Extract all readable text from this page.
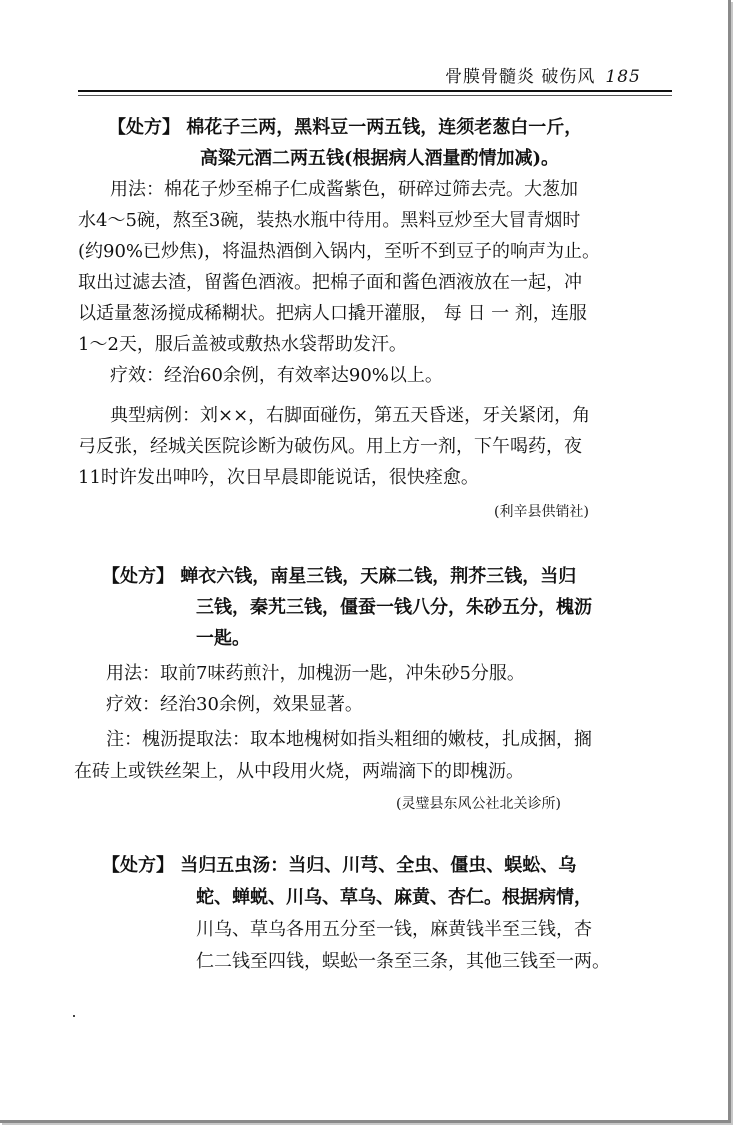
骨膜骨髓炎 破伤风 185
【处方】 棉花子三两，黑料豆一两五钱，连须老葱白一斤，
高粱元酒二两五钱(根据病人酒量酌情加减)。
用法：棉花子炒至棉子仁成酱紫色，研碎过筛去壳。大葱加
水4～5碗，熬至3碗，装热水瓶中待用。黑料豆炒至大冒青烟时
(约90%已炒焦)，将温热酒倒入锅内，至听不到豆子的响声为止。
取出过滤去渣，留酱色酒液。把棉子面和酱色酒液放在一起，冲
以适量葱汤搅成稀糊状。把病人口撬开灌服， 每 日 一 剂，连服
1～2天，服后盖被或敷热水袋帮助发汗。
疗效：经治60余例，有效率达90%以上。
典型病例：刘××，右脚面碰伤，第五天昏迷，牙关紧闭，角
弓反张，经城关医院诊断为破伤风。用上方一剂，下午喝药，夜
11时许发出呻吟，次日早晨即能说话，很快痊愈。
(利辛县供销社)
【处方】 蝉衣六钱，南星三钱，天麻二钱，荆芥三钱，当归
三钱，秦艽三钱，僵蚕一钱八分，朱砂五分，槐沥
一匙。
用法：取前7味药煎汁，加槐沥一匙，冲朱砂5分服。
疗效：经治30余例，效果显著。
注：槐沥提取法：取本地槐树如指头粗细的嫩枝，扎成捆，搁
在砖上或铁丝架上，从中段用火烧，两端滴下的即槐沥。
(灵璧县东风公社北关诊所)
【处方】 当归五虫汤：当归、川芎、全虫、僵虫、蜈蚣、乌
蛇、蝉蜕、川乌、草乌、麻黄、杏仁。根据病情，
川乌、草乌各用五分至一钱，麻黄钱半至三钱，杏
仁二钱至四钱，蜈蚣一条至三条，其他三钱至一两。
